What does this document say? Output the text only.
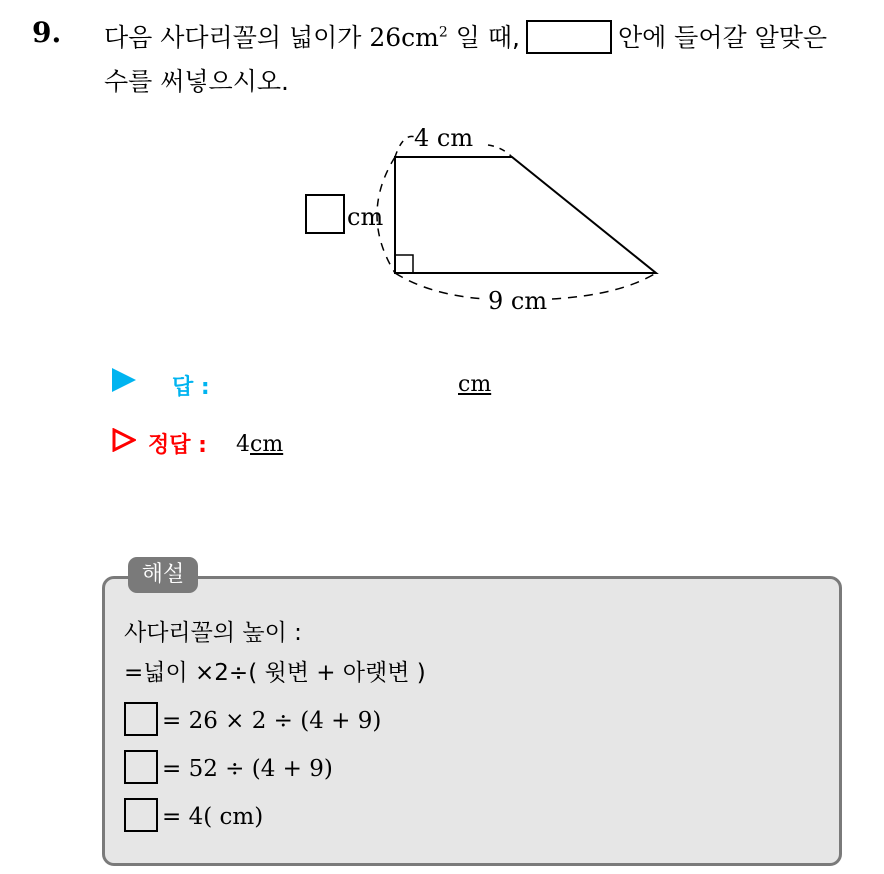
9. 다음 사다리꼴의 넓이가 $26cm^2$ 일 때,	안에 들어갈 알맞은
수를 써넣으시오.
cm
4 cm
9 cm
답 :	cm
정답 : 4cm
해설
사다리꼴의 높이 :
=넓이 ×2÷( 윗변 + 아랫변 )
= 26 × 2 ÷ (4 + 9)
= 52 ÷ (4 + 9)
= 4( cm)
